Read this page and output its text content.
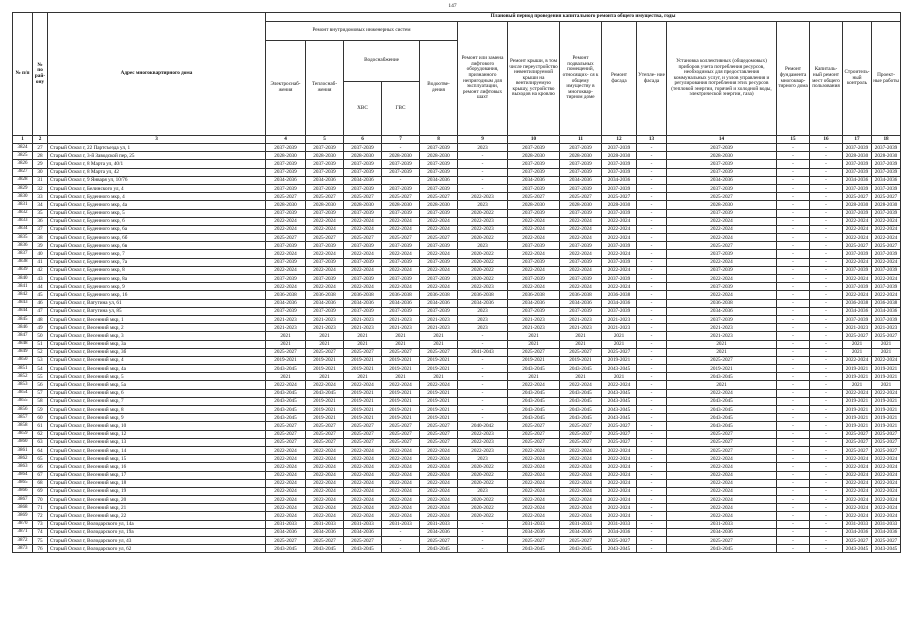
147
№ п/п	№ по рай- ону	Адрес многоквартирного дома	Плановый период проведения капитального ремонта общего имущества, годы														
			Ремонт внутридомовых инженерных систем					Ремонт или замена лифтового оборудования, признанного непригодным для эксплуатации, ремонт лифтовых шахт	Ремонт крыши, в том числе переустройство невентилируемой крыши на вентилируемую крышу, устройство выходов на кровлю	Ремонт подвальных помещений, относящих- ся к общему имуществу в многоквар- тирном доме	Ремонт фасада	Утепле- ние фасада	Установка коллективных (общедомовых) приборов учета потребления ресурсов, необходимых для предоставления коммунальных услуг, и узлов управления и регулирования потребления этих ресурсов (тепловой энергии, горячей и холодной воды, электрической энергии, газа)	Ремонт фундамента многоквар- тирного дома	Капиталь- ный ремонт мест общего пользования	Строитель- ный контроль	Проект- ные работы
			Электроснаб- жения	Теплоснаб- жения	Водоснабжение
ХВС ГВС		Водоотве- дения										
1	2	3	4	5	6	7	8	9	10	11	12	13	14	15	16	17	18
3824	27	Старый Оскол г, 22 Партсъезда ул, 1	2037-2039	2037-2039	2037-2039	-	2037-2039	2023	2037-2039	2037-2039	2037-2039	-	2037-2039	-	-	2037-2039	2037-2039
3825	28	Старый Оскол г, 3-й Заводской пер, 25	2028-2030	2028-2030	2028-2030	2028-2030	2028-2030	-	2028-2030	2028-2030	2028-2030	-	2028-2030	-	-	2028-2030	2028-2030
3826	29	Старый Оскол г, 8 Марта ул, 40/1	2037-2039	2037-2039	2037-2039	2037-2039	2037-2039	-	2037-2039	2037-2039	2037-2039	-	2037-2039	-	-	2037-2039	2037-2039
3827	30	Старый Оскол г, 8 Марта ул, 42	2037-2039	2037-2039	2037-2039	2037-2039	2037-2039	-	2037-2039	2037-2039	2037-2039	-	2037-2039	-	-	2037-2039	2037-2039
3828	31	Старый Оскол г, 9 Января ул, 10/76	2034-2036	2034-2036	2034-2036	-	2034-2036	-	2034-2036	2034-2036	2034-2036	-	2034-2036	-	-	2034-2036	2034-2036
3829	32	Старый Оскол г, Белинского ул, 4	2037-2039	2037-2039	2037-2039	2037-2039	2037-2039	-	2037-2039	2037-2039	2037-2039	-	2037-2039	-	-	2037-2039	2037-2039
3830	33	Старый Оскол г, Буденного мкр, 4	2025-2027	2025-2027	2025-2027	2025-2027	2025-2027	2022-2023	2025-2027	2025-2027	2025-2027	-	2025-2027	-	-	2025-2027	2025-2027
3831	34	Старый Оскол г, Буденного мкр, 4а	2028-2030	2028-2030	2028-2030	2028-2030	2028-2030	2023	2028-2030	2028-2030	2028-2030	-	2028-2030	-	-	2028-2030	2028-2030
3832	35	Старый Оскол г, Буденного мкр, 5	2037-2039	2037-2039	2037-2039	2037-2039	2037-2039	2020-2022	2037-2039	2037-2039	2037-2039	-	2037-2039	-	-	2037-2039	2037-2039
3833	36	Старый Оскол г, Буденного мкр, 6	2022-2024	2022-2024	2022-2024	2022-2024	2022-2024	2022-2023	2022-2024	2022-2024	2022-2024	-	2022-2024	-	-	2022-2024	2022-2024
3834	37	Старый Оскол г, Буденного мкр, 6а	2022-2024	2022-2024	2022-2024	2022-2024	2022-2024	2022-2023	2022-2024	2022-2024	2022-2024	-	2022-2024	-	-	2022-2024	2022-2024
3835	38	Старый Оскол г, Буденного мкр, 6б	2025-2027	2025-2027	2025-2027	2025-2027	2025-2027	2020-2022	2022-2024	2022-2024	2022-2024	-	2022-2024	-	-	2022-2024	2022-2024
3836	39	Старый Оскол г, Буденного мкр, 6в	2037-2039	2037-2039	2037-2039	2037-2039	2037-2039	2023	2037-2039	2037-2039	2037-2039	-	2025-2027	-	-	2025-2027	2025-2027
3837	40	Старый Оскол г, Буденного мкр, 7	2022-2024	2022-2024	2022-2024	2022-2024	2022-2024	2020-2022	2022-2024	2022-2024	2022-2024	-	2037-2039	-	-	2037-2039	2037-2039
3838	41	Старый Оскол г, Буденного мкр, 7а	2037-2039	2037-2039	2037-2039	2037-2039	2037-2039	2020-2022	2037-2039	2037-2039	2037-2039	-	2022-2024	-	-	2022-2024	2022-2024
3839	42	Старый Оскол г, Буденного мкр, 8	2022-2024	2022-2024	2022-2024	2022-2024	2022-2024	2020-2022	2022-2024	2022-2024	2022-2024	-	2037-2039	-	-	2037-2039	2037-2039
3840	43	Старый Оскол г, Буденного мкр, 8а	2037-2039	2037-2039	2037-2039	2037-2039	2037-2039	2020-2022	2037-2039	2037-2039	2037-2039	-	2022-2024	-	-	2022-2024	2022-2024
3841	44	Старый Оскол г, Буденного мкр, 9	2022-2024	2022-2024	2022-2024	2022-2024	2022-2024	2022-2023	2022-2024	2022-2024	2022-2024	-	2037-2039	-	-	2037-2039	2037-2039
3842	45	Старый Оскол г, Буденного мкр, 16	2036-2038	2036-2038	2036-2038	2036-2038	2036-2038	2036-2038	2036-2038	2036-2038	2036-2038	-	2022-2024	-	-	2022-2024	2022-2024
3843	46	Старый Оскол г, Ватутина ул, 61	2034-2036	2034-2036	2034-2036	2034-2036	2034-2036	2034-2036	2034-2036	2034-2036	2034-2036	-	2036-2038	-	-	2036-2038	2036-2038
3844	47	Старый Оскол г, Ватутина ул, 85	2037-2039	2037-2039	2037-2039	2037-2039	2037-2039	2023	2037-2039	2037-2039	2037-2039	-	2034-2036	-	-	2034-2036	2034-2036
3845	48	Старый Оскол г, Весенний мкр, 1	2021-2023	2021-2023	2021-2023	2021-2023	2021-2023	2023	2021-2023	2021-2023	2021-2023	-	2037-2039	-	-	2037-2039	2037-2039
3846	49	Старый Оскол г, Весенний мкр, 2	2021-2023	2021-2023	2021-2023	2021-2023	2021-2023	2023	2021-2023	2021-2023	2021-2023	-	2021-2023	-	-	2021-2023	2021-2023
3847	50	Старый Оскол г, Весенний мкр, 3	2021	2021	2021	2021	2021	-	2021	2021	2021	-	2021-2023	-	-	2025-2027	2025-2027
3848	51	Старый Оскол г, Весенний мкр, 3а	2021	2021	2021	2021	2021	-	2021	2021	2021	-	2021	-	-	2021	2021
3849	52	Старый Оскол г, Весенний мкр, 3б	2025-2027	2025-2027	2025-2027	2025-2027	2025-2027	2041-2043	2025-2027	2025-2027	2025-2027	-	2021	-	-	2021	2021
3850	53	Старый Оскол г, Весенний мкр, 4	2019-2021	2019-2021	2019-2021	2019-2021	2019-2021	-	2019-2021	2019-2021	2019-2021	-	2025-2027	-	-	2022-2024	2022-2024
3851	54	Старый Оскол г, Весенний мкр, 4а	2043-2045	2019-2021	2019-2021	2019-2021	2019-2021	-	2043-2045	2043-2045	2043-2045	-	2019-2021	-	-	2019-2021	2019-2021
3852	55	Старый Оскол г, Весенний мкр, 5	2021	2021	2021	2021	2021	-	2021	2021	2021	-	2043-2045	-	-	2019-2021	2019-2021
3853	56	Старый Оскол г, Весенний мкр, 5а	2022-2024	2022-2024	2022-2024	2022-2024	2022-2024	-	2022-2024	2022-2024	2022-2024	-	2021	-	-	2021	2021
3854	57	Старый Оскол г, Весенний мкр, 6	2043-2045	2043-2045	2019-2021	2019-2021	2019-2021	-	2043-2045	2043-2045	2043-2045	-	2022-2024	-	-	2022-2024	2022-2024
3855	58	Старый Оскол г, Весенний мкр, 7	2043-2045	2019-2021	2019-2021	2019-2021	2019-2021	-	2043-2045	2043-2045	2043-2045	-	2043-2045	-	-	2019-2021	2019-2021
3856	59	Старый Оскол г, Весенний мкр, 8	2043-2045	2019-2021	2019-2021	2019-2021	2019-2021	-	2043-2045	2043-2045	2043-2045	-	2043-2045	-	-	2019-2021	2019-2021
3857	60	Старый Оскол г, Весенний мкр, 9	2043-2045	2019-2021	2019-2021	2019-2021	2019-2021	-	2043-2045	2043-2045	2043-2045	-	2043-2045	-	-	2019-2021	2019-2021
3858	61	Старый Оскол г, Весенний мкр, 10	2025-2027	2025-2027	2025-2027	2025-2027	2025-2027	2040-2042	2025-2027	2025-2027	2025-2027	-	2043-2045	-	-	2019-2021	2019-2021
3859	62	Старый Оскол г, Весенний мкр, 12	2025-2027	2025-2027	2025-2027	2025-2027	2025-2027	2022-2023	2025-2027	2025-2027	2025-2027	-	2025-2027	-	-	2025-2027	2025-2027
3860	63	Старый Оскол г, Весенний мкр, 13	2025-2027	2025-2027	2025-2027	2025-2027	2025-2027	2022-2023	2025-2027	2025-2027	2025-2027	-	2025-2027	-	-	2025-2027	2025-2027
3861	64	Старый Оскол г, Весенний мкр, 14	2022-2024	2022-2024	2022-2024	2022-2024	2022-2024	2022-2023	2022-2024	2022-2024	2022-2024	-	2025-2027	-	-	2025-2027	2025-2027
3862	65	Старый Оскол г, Весенний мкр, 15	2022-2024	2022-2024	2022-2024	2022-2024	2022-2024	2023	2022-2024	2022-2024	2022-2024	-	2022-2024	-	-	2022-2024	2022-2024
3863	66	Старый Оскол г, Весенний мкр, 16	2022-2024	2022-2024	2022-2024	2022-2024	2022-2024	2020-2022	2022-2024	2022-2024	2022-2024	-	2022-2024	-	-	2022-2024	2022-2024
3864	67	Старый Оскол г, Весенний мкр, 17	2022-2024	2022-2024	2022-2024	2022-2024	2022-2024	2020-2022	2022-2024	2022-2024	2022-2024	-	2022-2024	-	-	2022-2024	2022-2024
3865	68	Старый Оскол г, Весенний мкр, 18	2022-2024	2022-2024	2022-2024	2022-2024	2022-2024	2020-2022	2022-2024	2022-2024	2022-2024	-	2022-2024	-	-	2022-2024	2022-2024
3866	69	Старый Оскол г, Весенний мкр, 19	2022-2024	2022-2024	2022-2024	2022-2024	2022-2024	2023	2022-2024	2022-2024	2022-2024	-	2022-2024	-	-	2022-2024	2022-2024
3867	70	Старый Оскол г, Весенний мкр, 20	2022-2024	2022-2024	2022-2024	2022-2024	2022-2024	2020-2022	2022-2024	2022-2024	2022-2024	-	2022-2024	-	-	2022-2024	2022-2024
3868	71	Старый Оскол г, Весенний мкр, 21	2022-2024	2022-2024	2022-2024	2022-2024	2022-2024	2020-2022	2022-2024	2022-2024	2022-2024	-	2022-2024	-	-	2022-2024	2022-2024
3869	72	Старый Оскол г, Весенний мкр, 22	2022-2024	2022-2024	2022-2024	2022-2024	2022-2024	2020-2022	2022-2024	2022-2024	2022-2024	-	2022-2024	-	-	2022-2024	2022-2024
3870	73	Старый Оскол г, Володарского ул, 14а	2031-2033	2031-2033	2031-2033	2031-2033	2031-2033	-	2031-2033	2031-2033	2031-2033	-	2031-2033	-	-	2031-2033	2031-2033
3871	74	Старый Оскол г, Володарского ул, 19а	2034-2036	2034-2036	2034-2036	-	2034-2036	-	2034-2036	2034-2036	2034-2036	-	2034-2036	-	-	2034-2036	2034-2036
3872	75	Старый Оскол г, Володарского ул, 43	2025-2027	2025-2027	2025-2027	-	2025-2027	-	2025-2027	2025-2027	2025-2027	-	2025-2027	-	-	2025-2027	2025-2027
3873	76	Старый Оскол г, Володарского ул, 62	2043-2045	2043-2045	2043-2045	-	2043-2045	-	2043-2045	2043-2045	2043-2045	-	2043-2045	-	-	2043-2045	2043-2045
